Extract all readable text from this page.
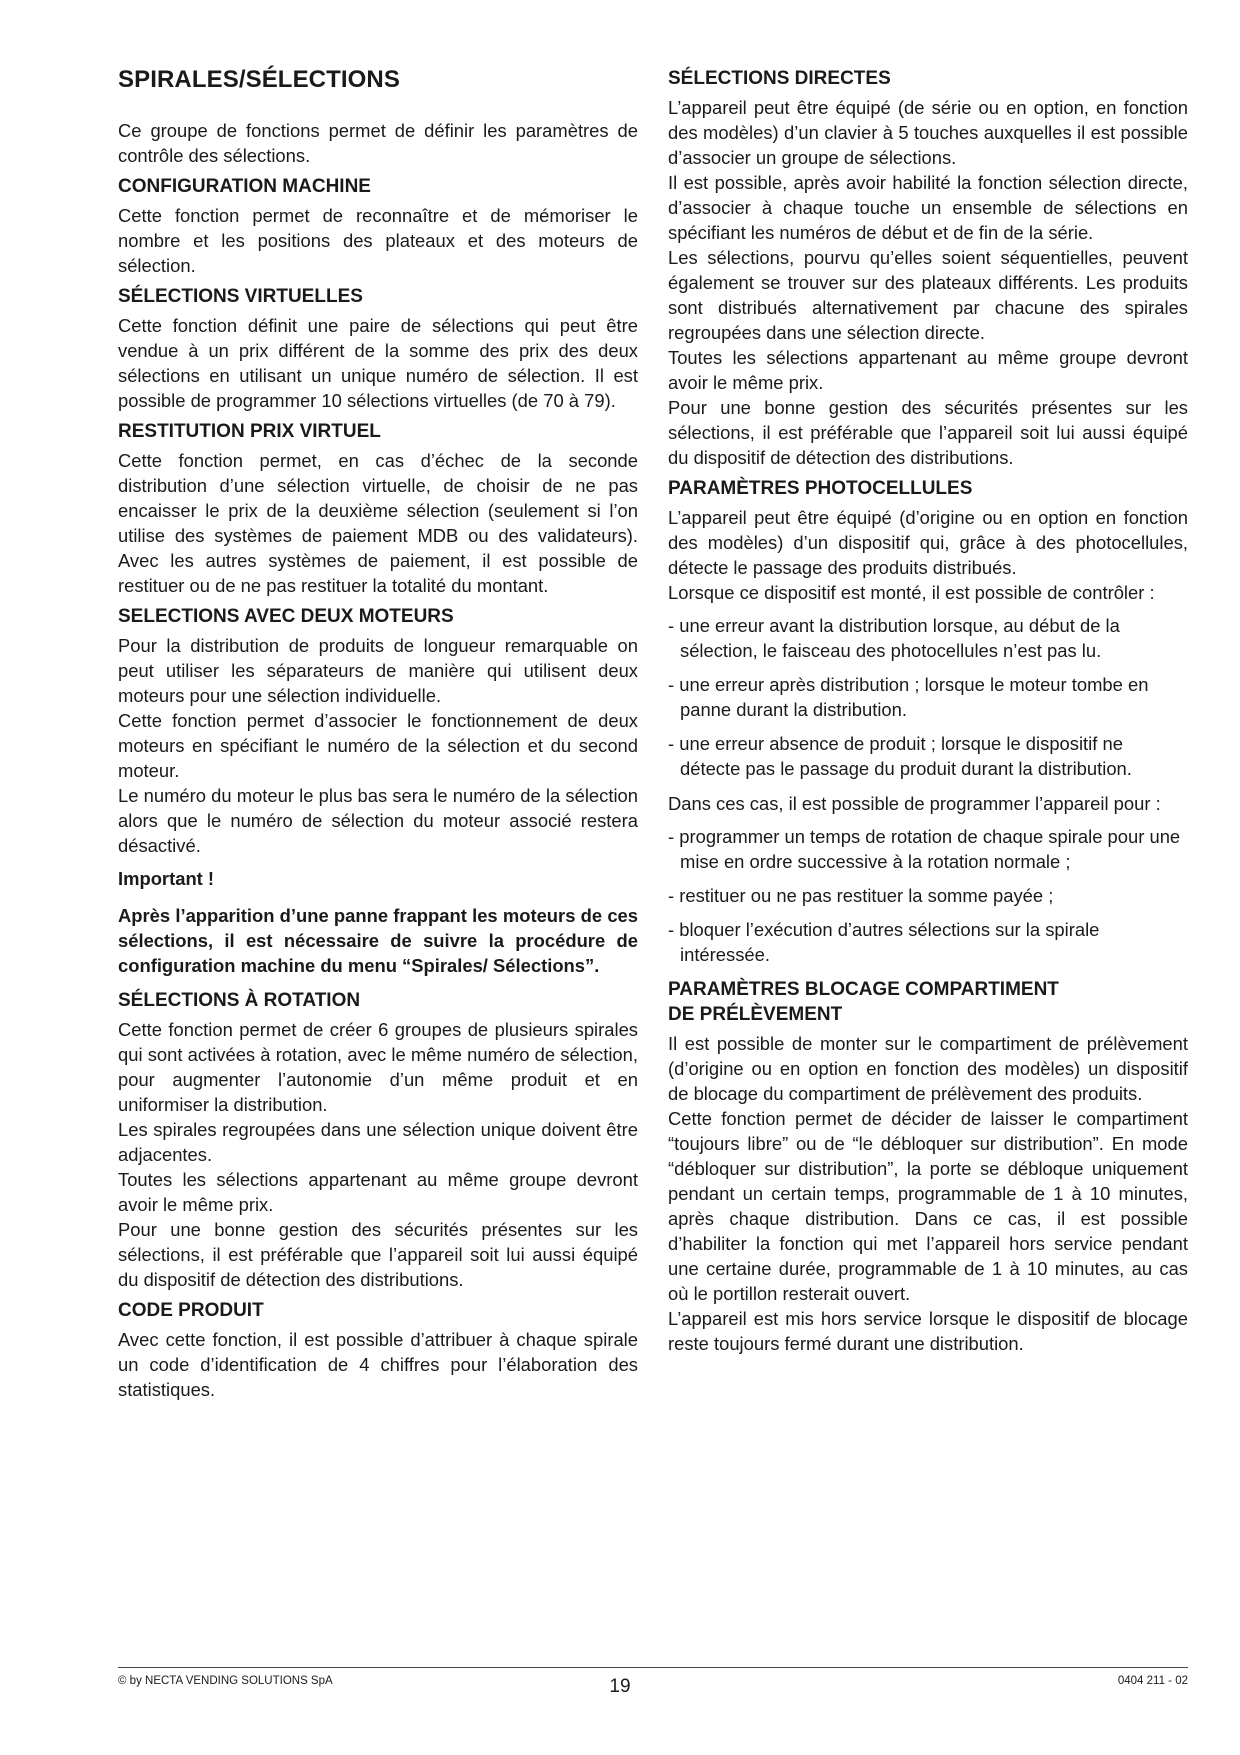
SPIRALES/SÉLECTIONS

Ce groupe de fonctions permet de définir les paramètres de contrôle des sélections.

CONFIGURATION MACHINE

Cette fonction permet de reconnaître et de mémoriser le nombre et les positions des plateaux et des moteurs de sélection.

SÉLECTIONS VIRTUELLES

Cette fonction définit une paire de sélections qui peut être vendue à un prix différent de la somme des prix des deux sélections en utilisant un unique numéro de sélection. Il est possible de programmer 10 sélections virtuelles (de 70 à 79).

RESTITUTION PRIX VIRTUEL

Cette fonction permet, en cas d’échec de la seconde distribution d’une sélection virtuelle, de choisir de ne pas encaisser le prix de la deuxième sélection (seulement si l’on utilise des systèmes de paiement MDB ou des validateurs). Avec les autres systèmes de paiement, il est possible de restituer ou de ne pas restituer la totalité du montant.

SELECTIONS AVEC DEUX MOTEURS

Pour la distribution de produits de longueur remarquable on peut utiliser les séparateurs de manière qui utilisent deux moteurs pour une sélection individuelle.

Cette fonction permet d’associer le fonctionnement de deux moteurs en spécifiant le numéro de la sélection et du second moteur.

Le numéro du moteur le plus bas sera le numéro de la sélection alors que le numéro de sélection du moteur associé restera désactivé.

Important !

Après l’apparition d’une panne frappant les moteurs de ces sélections, il est nécessaire de suivre la procédure de configuration machine du menu “Spirales/ Sélections”.

SÉLECTIONS À ROTATION

Cette fonction permet de créer 6 groupes de plusieurs spirales qui sont activées à rotation, avec le même numéro de sélection, pour augmenter l’autonomie d’un même produit et en uniformiser la distribution.

Les spirales regroupées dans une sélection unique doivent être adjacentes.

Toutes les sélections appartenant au même groupe devront avoir le même prix.

Pour une bonne gestion des sécurités présentes sur les sélections, il est préférable que l’appareil soit lui aussi équipé du dispositif de détection des distributions.

CODE PRODUIT

Avec cette fonction, il est possible d’attribuer à chaque spirale un code d’identification de 4 chiffres pour l’élaboration des statistiques.

SÉLECTIONS DIRECTES

L’appareil peut être équipé (de série ou en option, en fonction des modèles) d’un clavier à 5 touches auxquelles il est possible d’associer un groupe de sélections.

Il est possible, après avoir habilité la fonction sélection directe, d’associer à chaque touche un ensemble de sélections en spécifiant les numéros de début et de fin de la série.

Les sélections, pourvu qu’elles soient séquentielles, peuvent également se trouver sur des plateaux différents. Les produits sont distribués alternativement par chacune des spirales regroupées dans une sélection directe.

Toutes les sélections appartenant au même groupe devront avoir le même prix.

Pour une bonne gestion des sécurités présentes sur les sélections, il est préférable que l’appareil soit lui aussi équipé du dispositif de détection des distributions.

PARAMÈTRES PHOTOCELLULES

L’appareil peut être équipé (d’origine ou en option en fonction des modèles) d’un dispositif qui, grâce à des photocellules, détecte le passage des produits distribués.

Lorsque ce dispositif est monté, il est possible de contrôler :

- une erreur avant la distribution lorsque, au début de la sélection, le faisceau des photocellules n’est pas lu.
- une erreur après distribution ; lorsque le moteur tombe en panne durant la distribution.
- une erreur absence de produit ; lorsque le dispositif ne détecte pas le passage du produit durant la distribution.

Dans ces cas, il est possible de programmer l’appareil pour :

- programmer un temps de rotation de chaque spirale pour une mise en ordre successive à la rotation normale ;
- restituer ou ne pas restituer la somme payée ;
- bloquer l’exécution d’autres sélections sur la spirale intéressée.
PARAMÈTRES BLOCAGE COMPARTIMENT
DE PRÉLÈVEMENT

Il est possible de monter sur le compartiment de prélèvement (d’origine ou en option en fonction des modèles) un dispositif de blocage du compartiment de prélèvement des produits.

Cette fonction permet de décider de laisser le compartiment “toujours libre” ou de “le débloquer sur distribution”. En mode “débloquer sur distribution”, la porte se débloque uniquement pendant un certain temps, programmable de 1 à 10 minutes, après chaque distribution. Dans ce cas, il est possible d’habiliter la fonction qui met l’appareil hors service pendant une certaine durée, programmable de 1 à 10 minutes, au cas où le portillon resterait ouvert.

L’appareil est mis hors service lorsque le dispositif de blocage reste toujours fermé durant une distribution.

© by NECTA VENDING SOLUTIONS SpA	19	0404 211 - 02
